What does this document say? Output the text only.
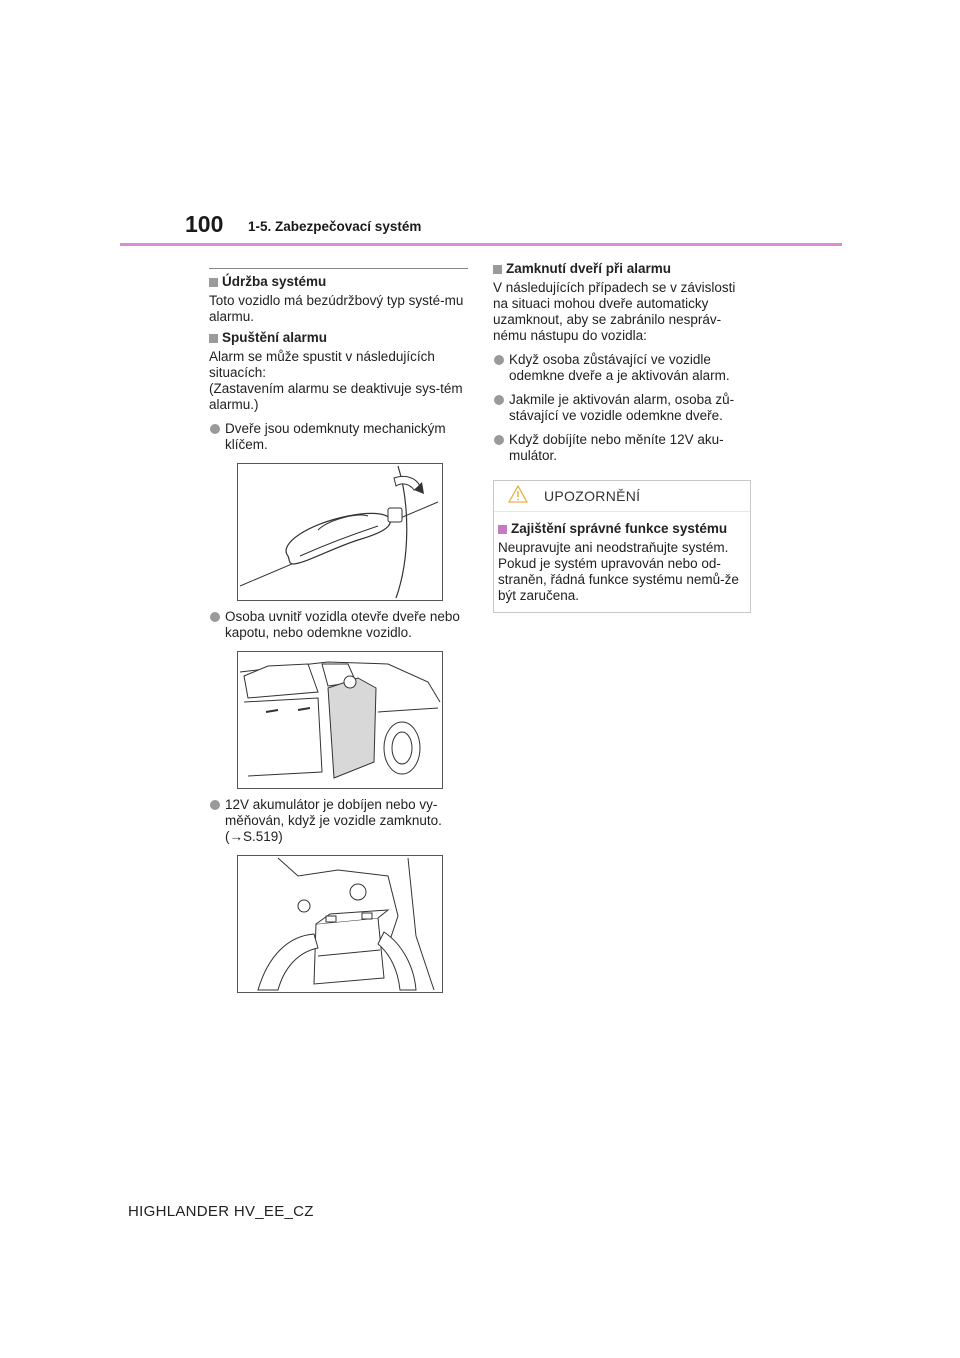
100 1-5. Zabezpečovací systém
Údržba systému

Toto vozidlo má bezúdržbový typ systé-mu alarmu.

Spuštění alarmu

Alarm se může spustit v následujících situacích:

(Zastavením alarmu se deaktivuje sys-tém alarmu.)

Dveře jsou odemknuty mechanickým klíčem.
Osoba uvnitř vozidla otevře dveře nebo kapotu, nebo odemkne vozidlo.
12V akumulátor je dobíjen nebo vy-měňován, když je vozidle zamknuto. (→S.519)
Zamknutí dveří při alarmu

V následujících případech se v závislosti na situaci mohou dveře automaticky uzamknout, aby se zabránilo nespráv-nému nástupu do vozidla:

Když osoba zůstávající ve vozidle odemkne dveře a je aktivován alarm.
Jakmile je aktivován alarm, osoba zů-stávající ve vozidle odemkne dveře.
Když dobíjíte nebo měníte 12V aku-mulátor.
UPOZORNĚNÍ
Zajištění správné funkce systému

Neupravujte ani neodstraňujte systém. Pokud je systém upravován nebo od-straněn, řádná funkce systému nemů-že být zaručena.

HIGHLANDER HV_EE_CZ
